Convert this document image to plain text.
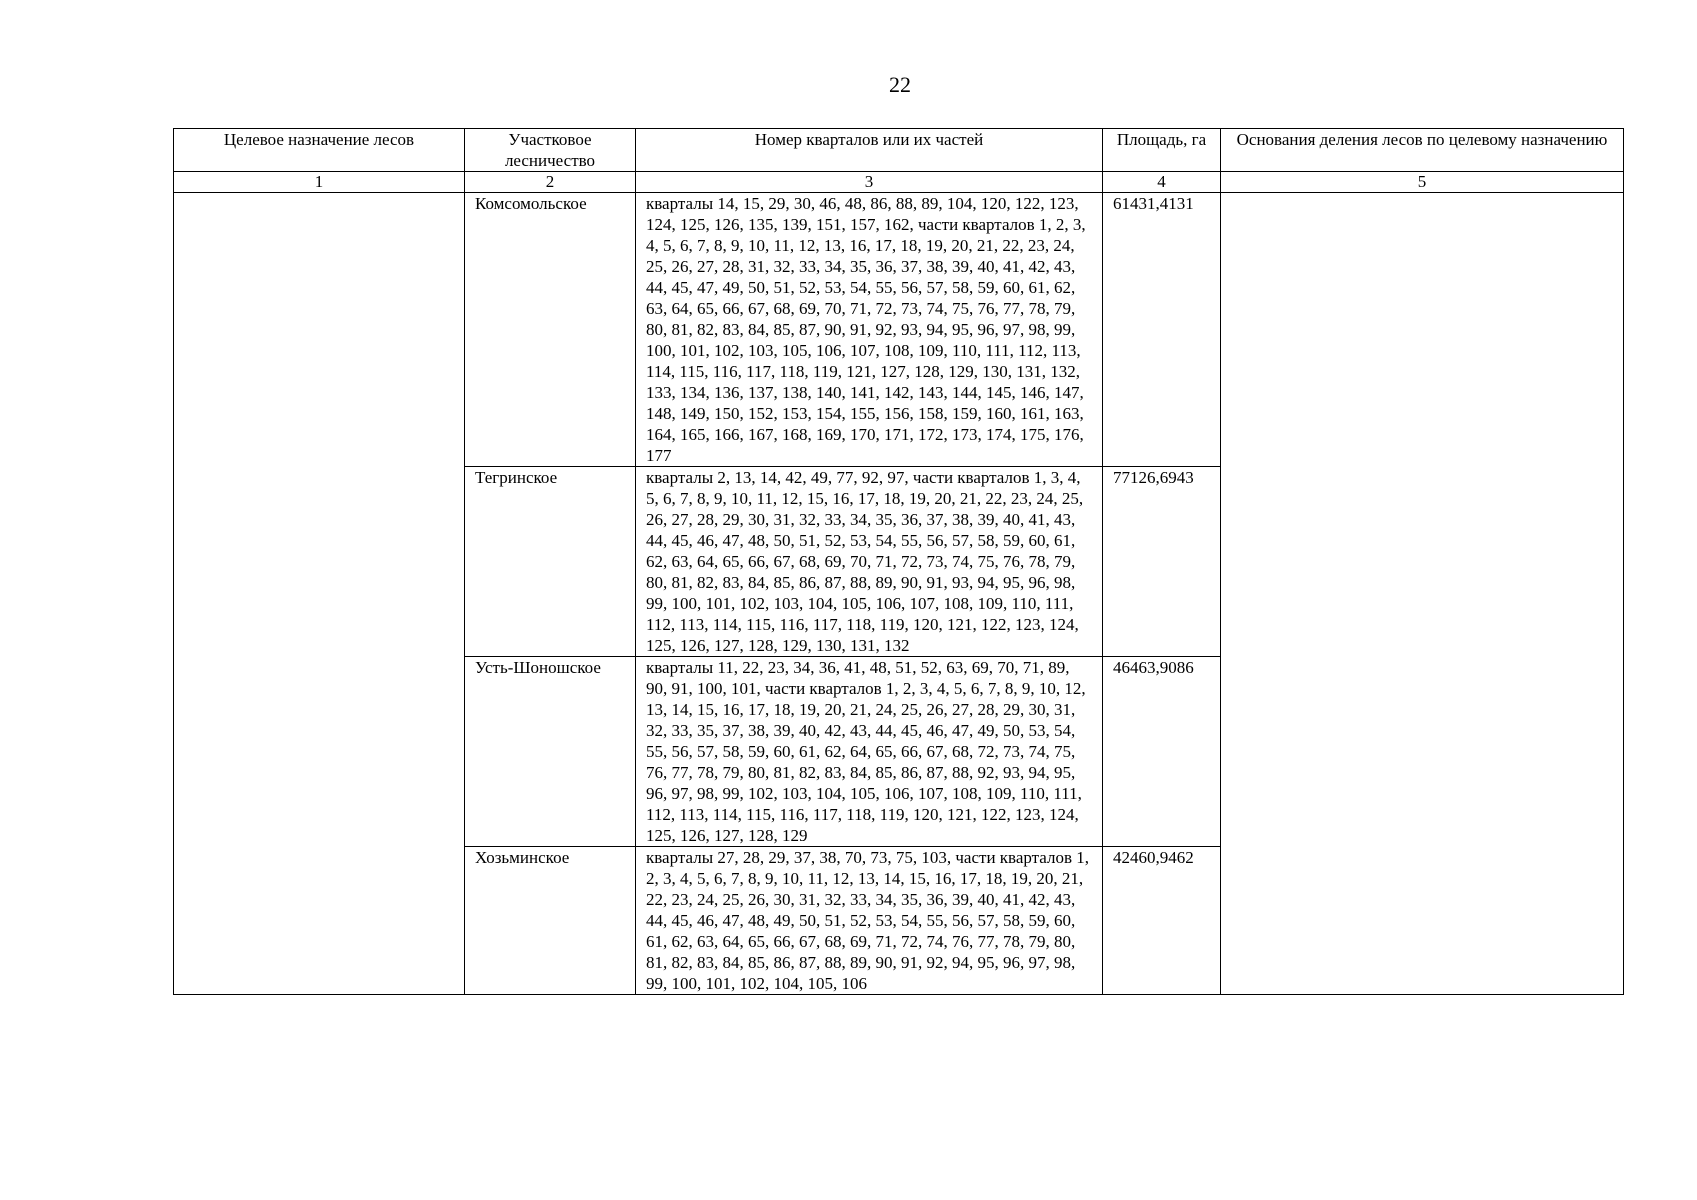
22
Целевое назначение лесов	Участковое лесничество	Номер кварталов или их частей	Площадь, га	Основания деления лесов по целевому назначению
1	2	3	4	5
	Комсомольское	кварталы 14, 15, 29, 30, 46, 48, 86, 88, 89, 104, 120, 122, 123, 124, 125, 126, 135, 139, 151, 157, 162, части кварталов 1, 2, 3, 4, 5, 6, 7, 8, 9, 10, 11, 12, 13, 16, 17, 18, 19, 20, 21, 22, 23, 24, 25, 26, 27, 28, 31, 32, 33, 34, 35, 36, 37, 38, 39, 40, 41, 42, 43, 44, 45, 47, 49, 50, 51, 52, 53, 54, 55, 56, 57, 58, 59, 60, 61, 62, 63, 64, 65, 66, 67, 68, 69, 70, 71, 72, 73, 74, 75, 76, 77, 78, 79, 80, 81, 82, 83, 84, 85, 87, 90, 91, 92, 93, 94, 95, 96, 97, 98, 99, 100, 101, 102, 103, 105, 106, 107, 108, 109, 110, 111, 112, 113, 114, 115, 116, 117, 118, 119, 121, 127, 128, 129, 130, 131, 132, 133, 134, 136, 137, 138, 140, 141, 142, 143, 144, 145, 146, 147, 148, 149, 150, 152, 153, 154, 155, 156, 158, 159, 160, 161, 163, 164, 165, 166, 167, 168, 169, 170, 171, 172, 173, 174, 175, 176, 177	61431,4131	
	Тегринское	кварталы 2, 13, 14, 42, 49, 77, 92, 97, части кварталов 1, 3, 4, 5, 6, 7, 8, 9, 10, 11, 12, 15, 16, 17, 18, 19, 20, 21, 22, 23, 24, 25, 26, 27, 28, 29, 30, 31, 32, 33, 34, 35, 36, 37, 38, 39, 40, 41, 43, 44, 45, 46, 47, 48, 50, 51, 52, 53, 54, 55, 56, 57, 58, 59, 60, 61, 62, 63, 64, 65, 66, 67, 68, 69, 70, 71, 72, 73, 74, 75, 76, 78, 79, 80, 81, 82, 83, 84, 85, 86, 87, 88, 89, 90, 91, 93, 94, 95, 96, 98, 99, 100, 101, 102, 103, 104, 105, 106, 107, 108, 109, 110, 111, 112, 113, 114, 115, 116, 117, 118, 119, 120, 121, 122, 123, 124, 125, 126, 127, 128, 129, 130, 131, 132	77126,6943	
	Усть-Шоношское	кварталы 11, 22, 23, 34, 36, 41, 48, 51, 52, 63, 69, 70, 71, 89, 90, 91, 100, 101, части кварталов 1, 2, 3, 4, 5, 6, 7, 8, 9, 10, 12, 13, 14, 15, 16, 17, 18, 19, 20, 21, 24, 25, 26, 27, 28, 29, 30, 31, 32, 33, 35, 37, 38, 39, 40, 42, 43, 44, 45, 46, 47, 49, 50, 53, 54, 55, 56, 57, 58, 59, 60, 61, 62, 64, 65, 66, 67, 68, 72, 73, 74, 75, 76, 77, 78, 79, 80, 81, 82, 83, 84, 85, 86, 87, 88, 92, 93, 94, 95, 96, 97, 98, 99, 102, 103, 104, 105, 106, 107, 108, 109, 110, 111, 112, 113, 114, 115, 116, 117, 118, 119, 120, 121, 122, 123, 124, 125, 126, 127, 128, 129	46463,9086	
	Хозьминское	кварталы 27, 28, 29, 37, 38, 70, 73, 75, 103, части кварталов 1, 2, 3, 4, 5, 6, 7, 8, 9, 10, 11, 12, 13, 14, 15, 16, 17, 18, 19, 20, 21, 22, 23, 24, 25, 26, 30, 31, 32, 33, 34, 35, 36, 39, 40, 41, 42, 43, 44, 45, 46, 47, 48, 49, 50, 51, 52, 53, 54, 55, 56, 57, 58, 59, 60, 61, 62, 63, 64, 65, 66, 67, 68, 69, 71, 72, 74, 76, 77, 78, 79, 80, 81, 82, 83, 84, 85, 86, 87, 88, 89, 90, 91, 92, 94, 95, 96, 97, 98, 99, 100, 101, 102, 104, 105, 106	42460,9462	
